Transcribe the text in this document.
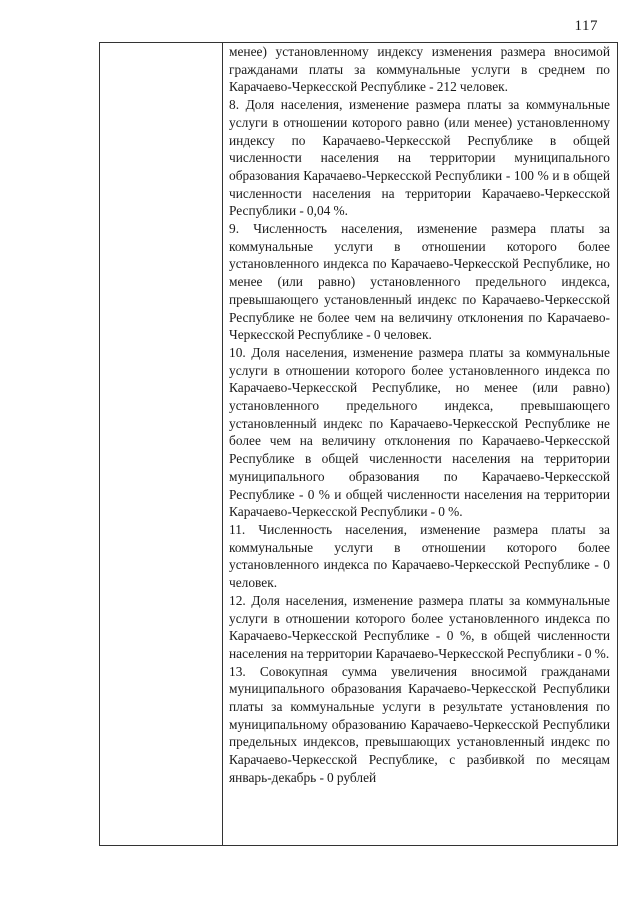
117

менее) установленному индексу изменения размера вносимой гражданами платы за коммунальные услуги в среднем по Карачаево-Черкесской Республике - 212 человек.

8. Доля населения, изменение размера платы за коммунальные услуги в отношении которого равно (или менее) установленному индексу по Карачаево-Черкесской Республике в общей численности населения на территории муниципального образования Карачаево-Черкесской Республики - 100 % и в общей численности населения на территории Карачаево-Черкесской Республики - 0,04 %.

9. Численность населения, изменение размера платы за коммунальные услуги в отношении которого более установленного индекса по Карачаево-Черкесской Республике, но менее (или равно) установленного предельного индекса, превышающего установленный индекс по Карачаево-Черкесской Республике не более чем на величину отклонения по Карачаево-Черкесской Республике - 0 человек.

10. Доля населения, изменение размера платы за коммунальные услуги в отношении которого более установленного индекса по Карачаево-Черкесской Республике, но менее (или равно) установленного предельного индекса, превышающего установленный индекс по Карачаево-Черкесской Республике не более чем на величину отклонения по Карачаево-Черкесской Республике в общей численности населения на территории муниципального образования по Карачаево-Черкесской Республике - 0 % и общей численности населения на территории Карачаево-Черкесской Республики - 0 %.

11. Численность населения, изменение размера платы за коммунальные услуги в отношении которого более установленного индекса по Карачаево-Черкесской Республике - 0 человек.

12. Доля населения, изменение размера платы за коммунальные услуги в отношении которого более установленного индекса по Карачаево-Черкесской Республике - 0 %, в общей численности населения на территории Карачаево-Черкесской Республики - 0 %.

13. Совокупная сумма увеличения вносимой гражданами муниципального образования Карачаево-Черкесской Республики платы за коммунальные услуги в результате установления по муниципальному образованию Карачаево-Черкесской Республики предельных индексов, превышающих установленный индекс по Карачаево-Черкесской Республике, с разбивкой по месяцам январь-декабрь - 0 рублей
